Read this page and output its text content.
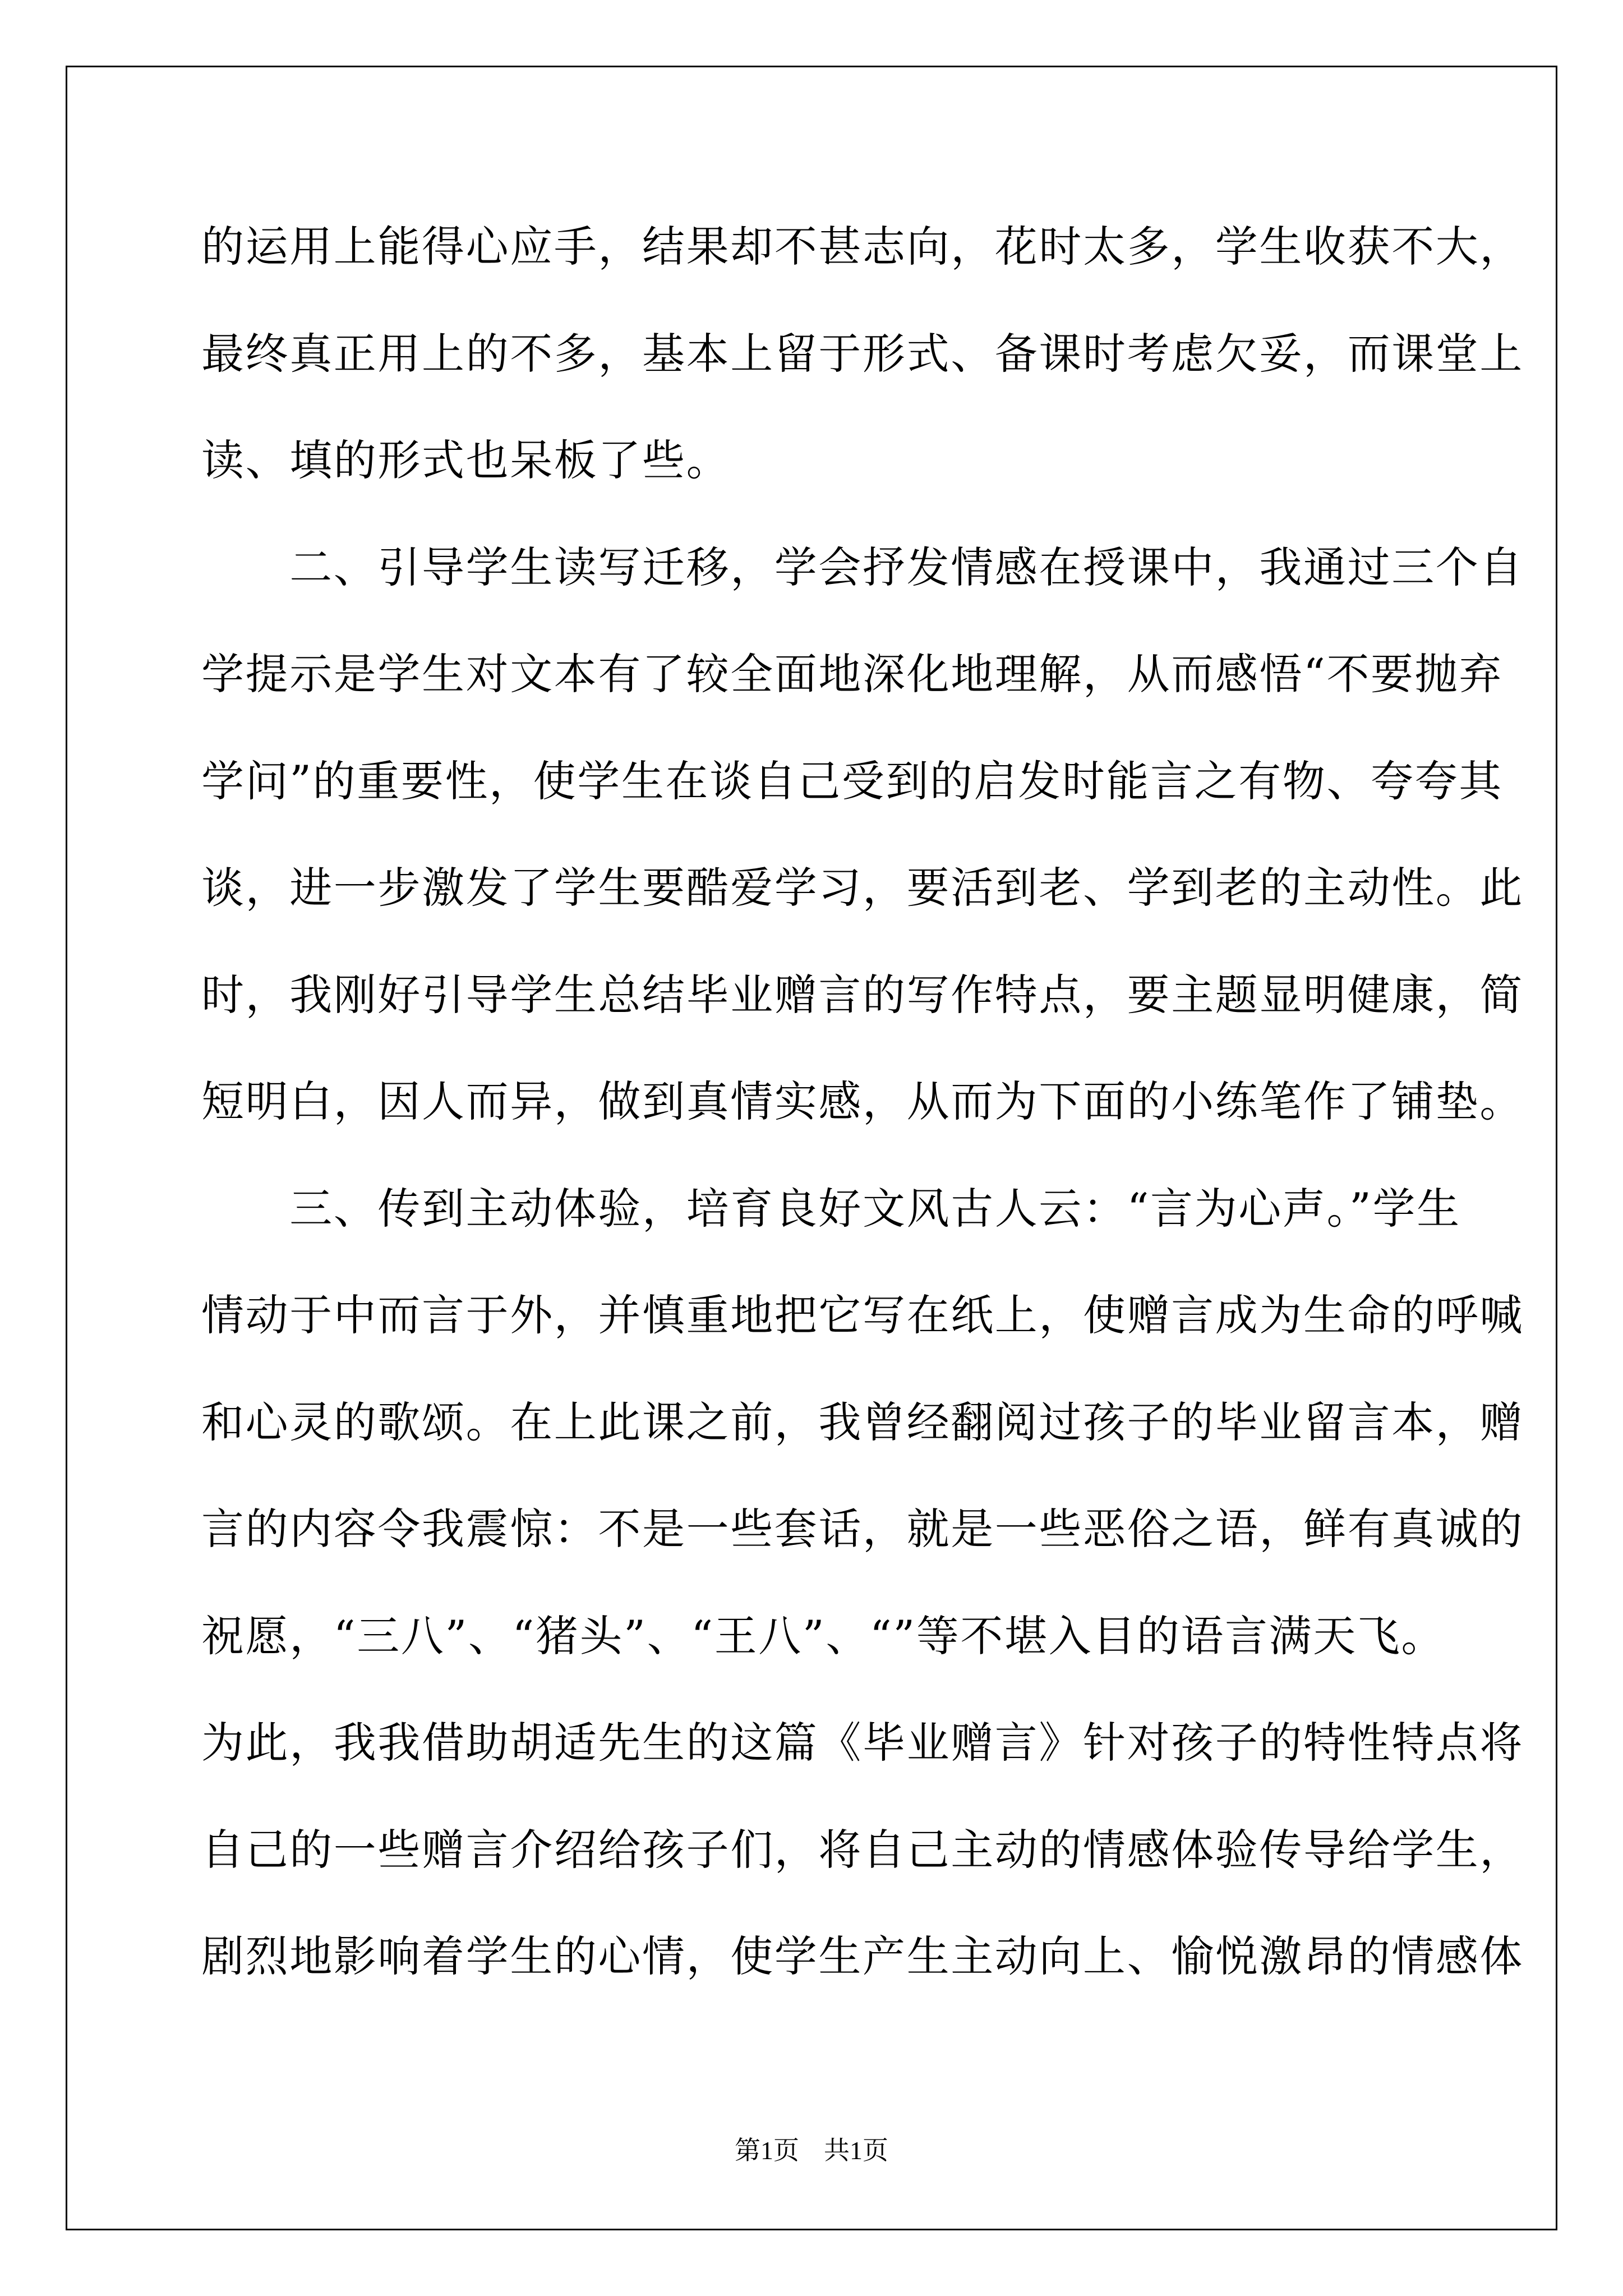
的运用上能得心应手，结果却不甚志向，花时太多，学生收获不大，
最终真正用上的不多，基本上留于形式、备课时考虑欠妥，而课堂上
读、填的形式也呆板了些。
　　二、引导学生读写迁移，学会抒发情感在授课中，我通过三个自
学提示是学生对文本有了较全面地深化地理解，从而感悟“不要抛弃
学问”的重要性，使学生在谈自己受到的启发时能言之有物、夸夸其
谈，进一步激发了学生要酷爱学习，要活到老、学到老的主动性。此
时，我刚好引导学生总结毕业赠言的写作特点，要主题显明健康，简
短明白，因人而异，做到真情实感，从而为下面的小练笔作了铺垫。
　　三、传到主动体验，培育良好文风古人云：“言为心声。”学生
情动于中而言于外，并慎重地把它写在纸上，使赠言成为生命的呼喊
和心灵的歌颂。在上此课之前，我曾经翻阅过孩子的毕业留言本，赠
言的内容令我震惊：不是一些套话，就是一些恶俗之语，鲜有真诚的
祝愿，“三八”、“猪头”、“王八”、“”等不堪入目的语言满天飞。
为此，我我借助胡适先生的这篇《毕业赠言》针对孩子的特性特点将
自己的一些赠言介绍给孩子们，将自己主动的情感体验传导给学生，
剧烈地影响着学生的心情，使学生产生主动向上、愉悦激昂的情感体
第1页 共1页
